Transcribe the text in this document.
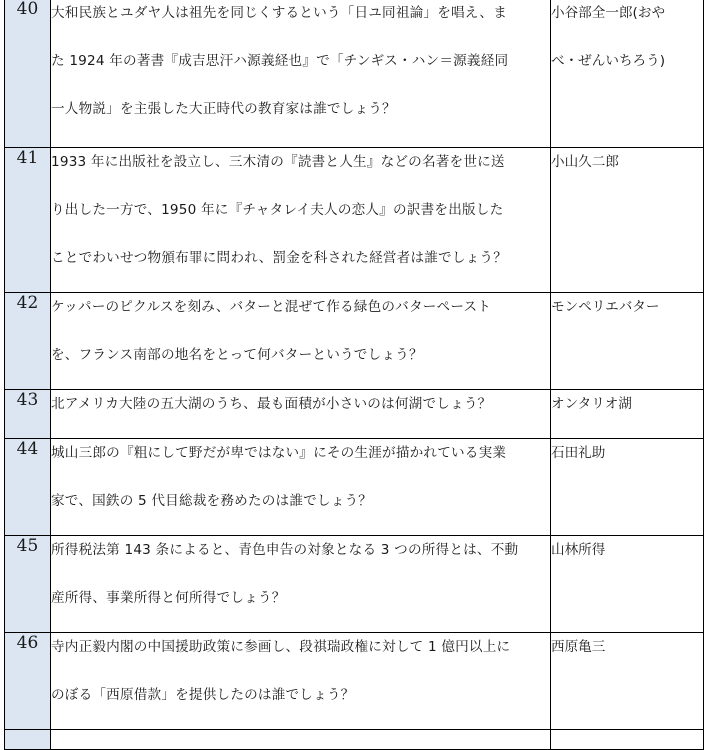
40	大和民族とユダヤ人は祖先を同じくするという「日ユ同祖論」を唱え、ま
た 1924 年の著書『成吉思汗ハ源義経也』で「チンギス・ハン＝源義経同
一人物説」を主張した大正時代の教育家は誰でしょう？	小谷部全一郎(おや
べ・ぜんいちろう)

41	1933 年に出版社を設立し、三木清の『読書と人生』などの名著を世に送
り出した一方で、1950 年に『チャタレイ夫人の恋人』の訳書を出版した
ことでわいせつ物頒布罪に問われ、罰金を科された経営者は誰でしょう？	小山久二郎

42	ケッパーのピクルスを刻み、バターと混ぜて作る緑色のバターペースト
を、フランス南部の地名をとって何バターというでしょう？	モンペリエバター

43	北アメリカ大陸の五大湖のうち、最も面積が小さいのは何湖でしょう？	オンタリオ湖

44	城山三郎の『粗にして野だが卑ではない』にその生涯が描かれている実業
家で、国鉄の 5 代目総裁を務めたのは誰でしょう？	石田礼助

45	所得税法第 143 条によると、青色申告の対象となる 3 つの所得とは、不動
産所得、事業所得と何所得でしょう？	山林所得

46	寺内正毅内閣の中国援助政策に参画し、段祺瑞政権に対して 1 億円以上に
のぼる「西原借款」を提供したのは誰でしょう？	西原亀三
